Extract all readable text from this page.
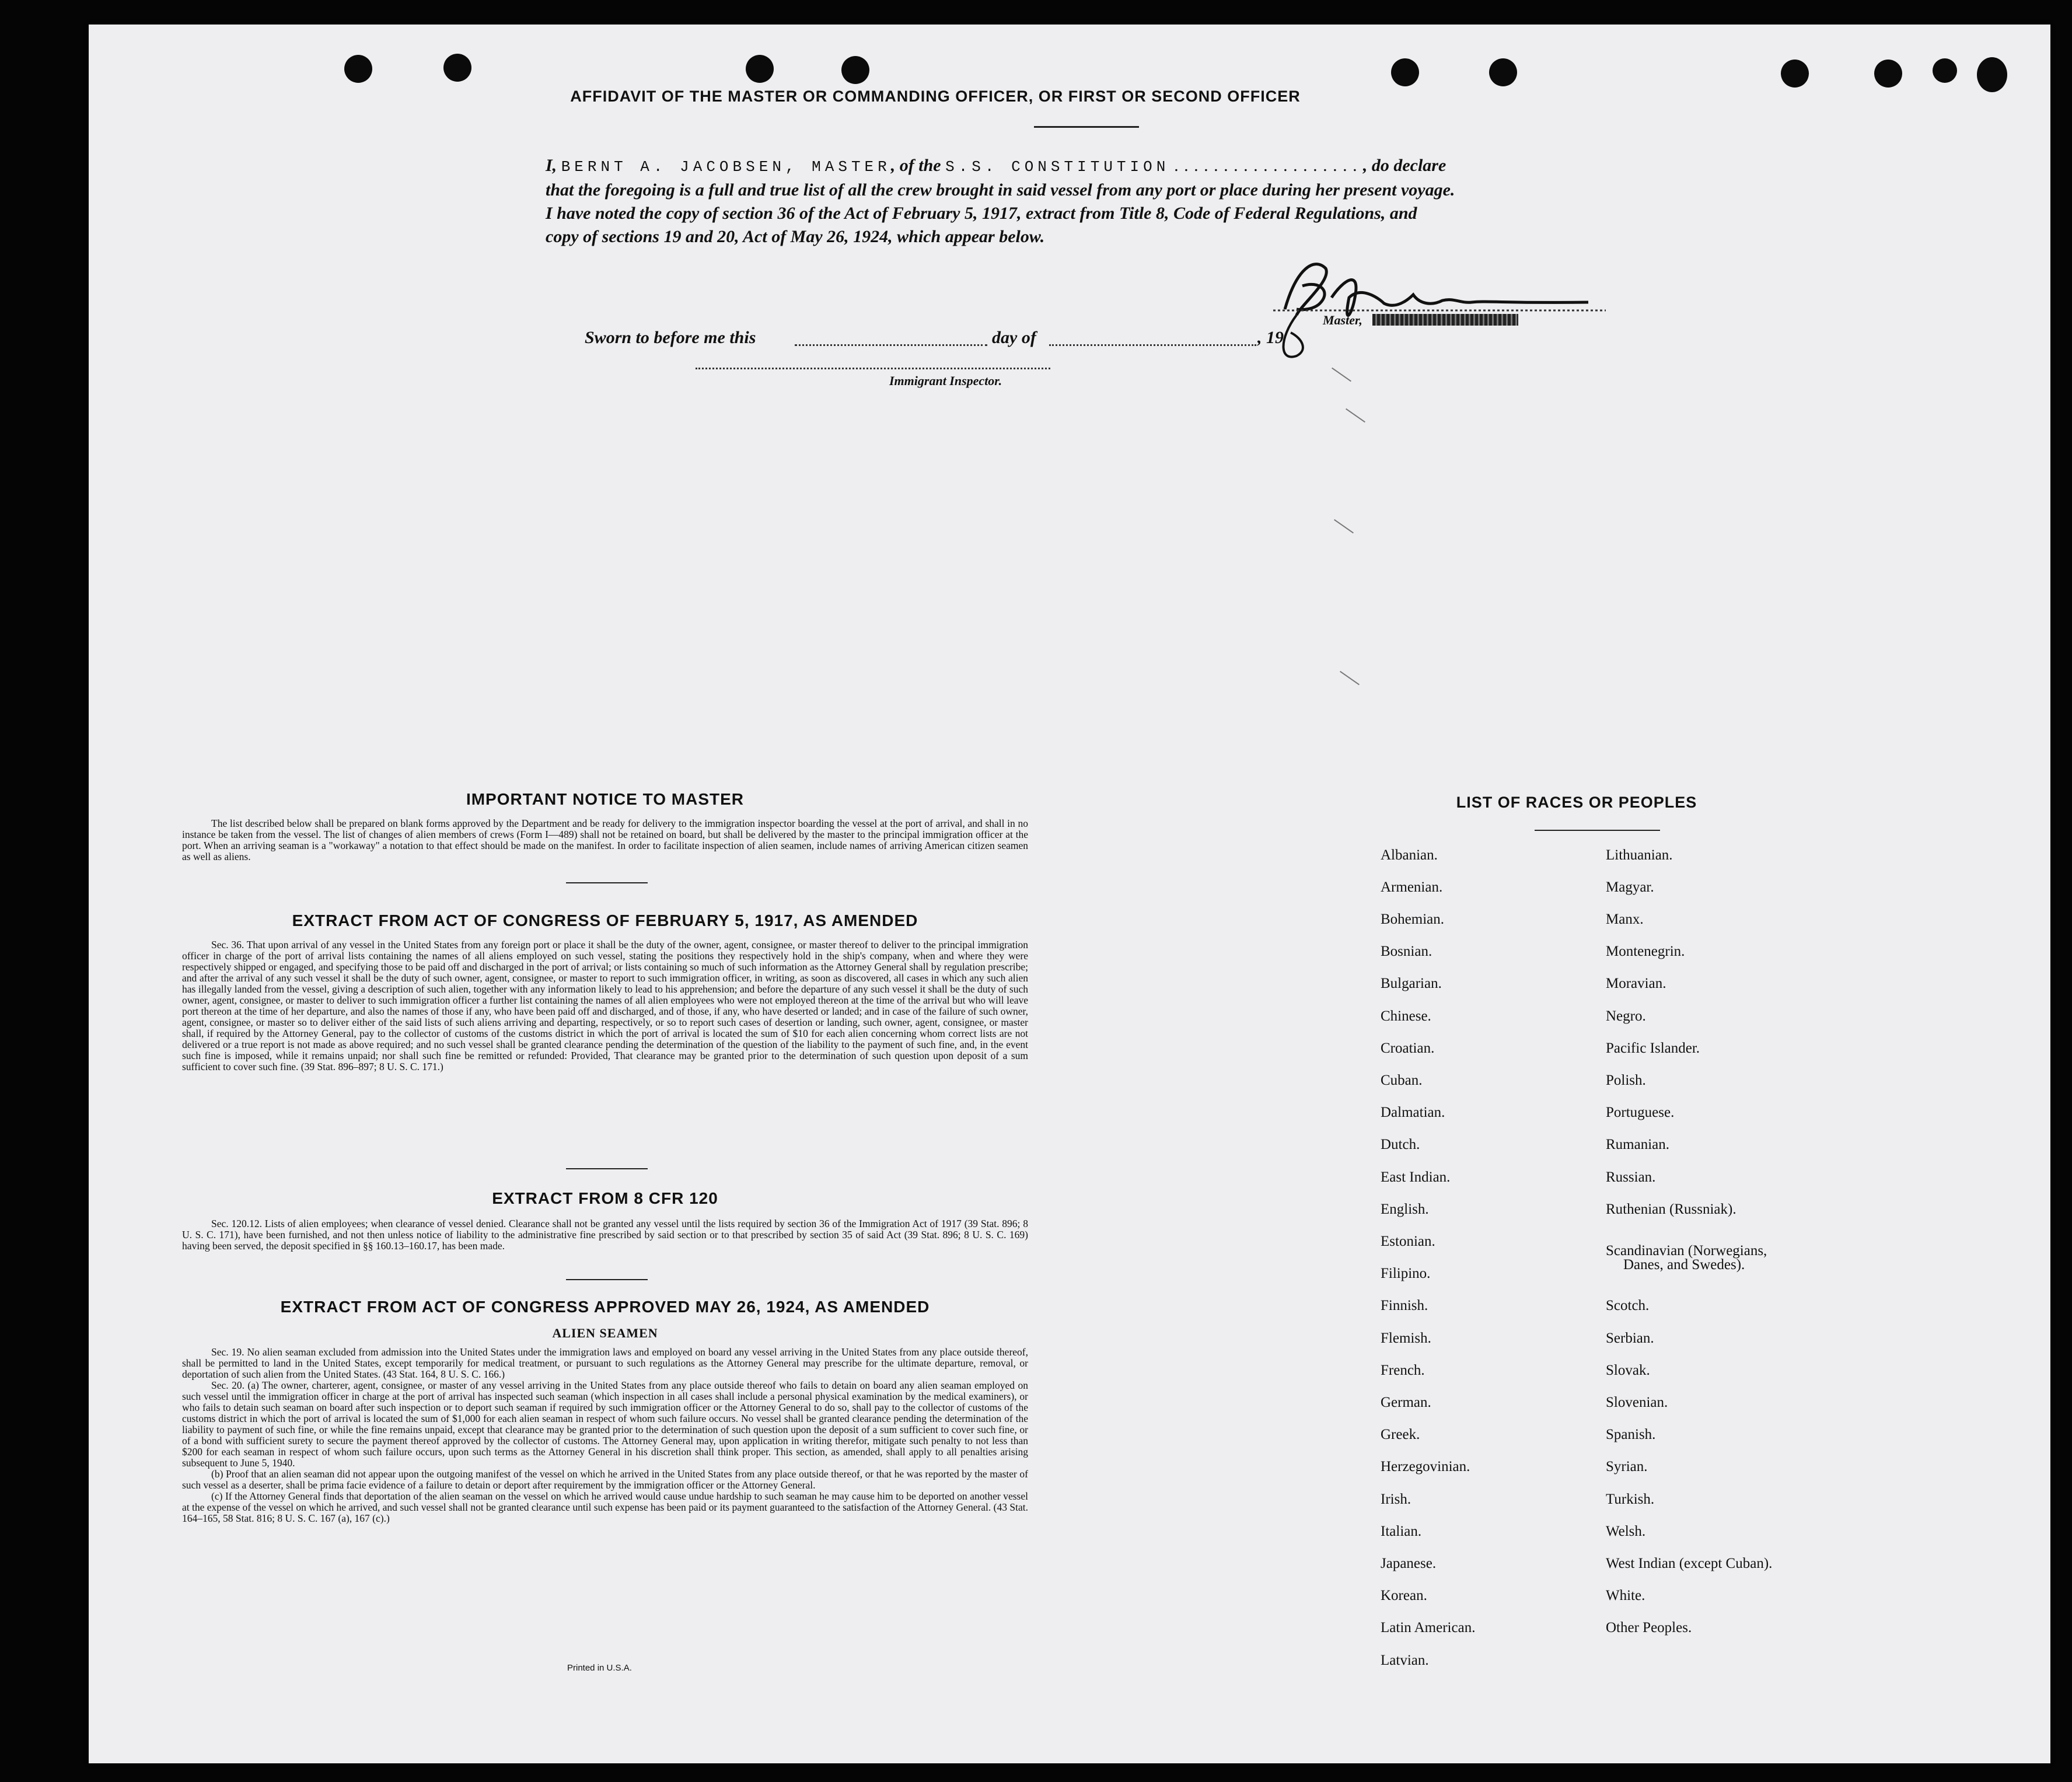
AFFIDAVIT OF THE MASTER OR COMMANDING OFFICER, OR FIRST OR SECOND OFFICER
I, BERNT A. JACOBSEN, MASTER, of the S.S. CONSTITUTION . . . . . . . . . . . . . . . . . . . , do declare
that the foregoing is a full and true list of all the crew brought in said vessel from any port or place during her present voyage.
I have noted the copy of section 36 of the Act of February 5, 1917, extract from Title 8, Code of Federal Regulations, and
copy of sections 19 and 20, Act of May 26, 1924, which appear below.
Master,
Sworn to before me this	day of	, 19
Immigrant Inspector.
IMPORTANT NOTICE TO MASTER
The list described below shall be prepared on blank forms approved by the Department and be ready for delivery to the immigration inspector boarding the vessel at the port of arrival, and shall in no instance be taken from the vessel. The list of changes of alien members of crews (Form I—489) shall not be retained on board, but shall be delivered by the master to the principal immigration officer at the port. When an arriving seaman is a "workaway" a notation to that effect should be made on the manifest. In order to facilitate inspection of alien seamen, include names of arriving American citizen seamen as well as aliens.
EXTRACT FROM ACT OF CONGRESS OF FEBRUARY 5, 1917, AS AMENDED
Sec. 36. That upon arrival of any vessel in the United States from any foreign port or place it shall be the duty of the owner, agent, consignee, or master thereof to deliver to the principal immigration officer in charge of the port of arrival lists containing the names of all aliens employed on such vessel, stating the positions they respectively hold in the ship's company, when and where they were respectively shipped or engaged, and specifying those to be paid off and discharged in the port of arrival; or lists containing so much of such information as the Attorney General shall by regulation prescribe; and after the arrival of any such vessel it shall be the duty of such owner, agent, consignee, or master to report to such immigration officer, in writing, as soon as discovered, all cases in which any such alien has illegally landed from the vessel, giving a description of such alien, together with any information likely to lead to his apprehension; and before the departure of any such vessel it shall be the duty of such owner, agent, consignee, or master to deliver to such immigration officer a further list containing the names of all alien employees who were not employed thereon at the time of the arrival but who will leave port thereon at the time of her departure, and also the names of those if any, who have been paid off and discharged, and of those, if any, who have deserted or landed; and in case of the failure of such owner, agent, consignee, or master so to deliver either of the said lists of such aliens arriving and departing, respectively, or so to report such cases of desertion or landing, such owner, agent, consignee, or master shall, if required by the Attorney General, pay to the collector of customs of the customs district in which the port of arrival is located the sum of $10 for each alien concerning whom correct lists are not delivered or a true report is not made as above required; and no such vessel shall be granted clearance pending the determination of the question of the liability to the payment of such fine, and, in the event such fine is imposed, while it remains unpaid; nor shall such fine be remitted or refunded: Provided, That clearance may be granted prior to the determination of such question upon deposit of a sum sufficient to cover such fine. (39 Stat. 896–897; 8 U. S. C. 171.)
EXTRACT FROM 8 CFR 120
Sec. 120.12. Lists of alien employees; when clearance of vessel denied. Clearance shall not be granted any vessel until the lists required by section 36 of the Immigration Act of 1917 (39 Stat. 896; 8 U. S. C. 171), have been furnished, and not then unless notice of liability to the administrative fine prescribed by said section or to that prescribed by section 35 of said Act (39 Stat. 896; 8 U. S. C. 169) having been served, the deposit specified in §§ 160.13–160.17, has been made.
EXTRACT FROM ACT OF CONGRESS APPROVED MAY 26, 1924, AS AMENDED
ALIEN SEAMEN

Sec. 19. No alien seaman excluded from admission into the United States under the immigration laws and employed on board any vessel arriving in the United States from any place outside thereof, shall be permitted to land in the United States, except temporarily for medical treatment, or pursuant to such regulations as the Attorney General may prescribe for the ultimate departure, removal, or deportation of such alien from the United States. (43 Stat. 164, 8 U. S. C. 166.)

Sec. 20. (a) The owner, charterer, agent, consignee, or master of any vessel arriving in the United States from any place outside thereof who fails to detain on board any alien seaman employed on such vessel until the immigration officer in charge at the port of arrival has inspected such seaman (which inspection in all cases shall include a personal physical examination by the medical examiners), or who fails to detain such seaman on board after such inspection or to deport such seaman if required by such immigration officer or the Attorney General to do so, shall pay to the collector of customs of the customs district in which the port of arrival is located the sum of $1,000 for each alien seaman in respect of whom such failure occurs. No vessel shall be granted clearance pending the determination of the liability to payment of such fine, or while the fine remains unpaid, except that clearance may be granted prior to the determination of such question upon the deposit of a sum sufficient to cover such fine, or of a bond with sufficient surety to secure the payment thereof approved by the collector of customs. The Attorney General may, upon application in writing therefor, mitigate such penalty to not less than $200 for each seaman in respect of whom such failure occurs, upon such terms as the Attorney General in his discretion shall think proper. This section, as amended, shall apply to all penalties arising subsequent to June 5, 1940.

(b) Proof that an alien seaman did not appear upon the outgoing manifest of the vessel on which he arrived in the United States from any place outside thereof, or that he was reported by the master of such vessel as a deserter, shall be prima facie evidence of a failure to detain or deport after requirement by the immigration officer or the Attorney General.

(c) If the Attorney General finds that deportation of the alien seaman on the vessel on which he arrived would cause undue hardship to such seaman he may cause him to be deported on another vessel at the expense of the vessel on which he arrived, and such vessel shall not be granted clearance until such expense has been paid or its payment guaranteed to the satisfaction of the Attorney General. (43 Stat. 164–165, 58 Stat. 816; 8 U. S. C. 167 (a), 167 (c).)

LIST OF RACES OR PEOPLES
Albanian.
Armenian.
Bohemian.
Bosnian.
Bulgarian.
Chinese.
Croatian.
Cuban.
Dalmatian.
Dutch.
East Indian.
English.
Estonian.
Filipino.
Finnish.
Flemish.
French.
German.
Greek.
Herzegovinian.
Irish.
Italian.
Japanese.
Korean.
Latin American.
Latvian.
Lithuanian.
Magyar.
Manx.
Montenegrin.
Moravian.
Negro.
Pacific Islander.
Polish.
Portuguese.
Rumanian.
Russian.
Ruthenian (Russniak).
Scandinavian (Norwegians,
Danes, and Swedes).
Scotch.
Serbian.
Slovak.
Slovenian.
Spanish.
Syrian.
Turkish.
Welsh.
West Indian (except Cuban).
White.
Other Peoples.
Printed in U.S.A.
